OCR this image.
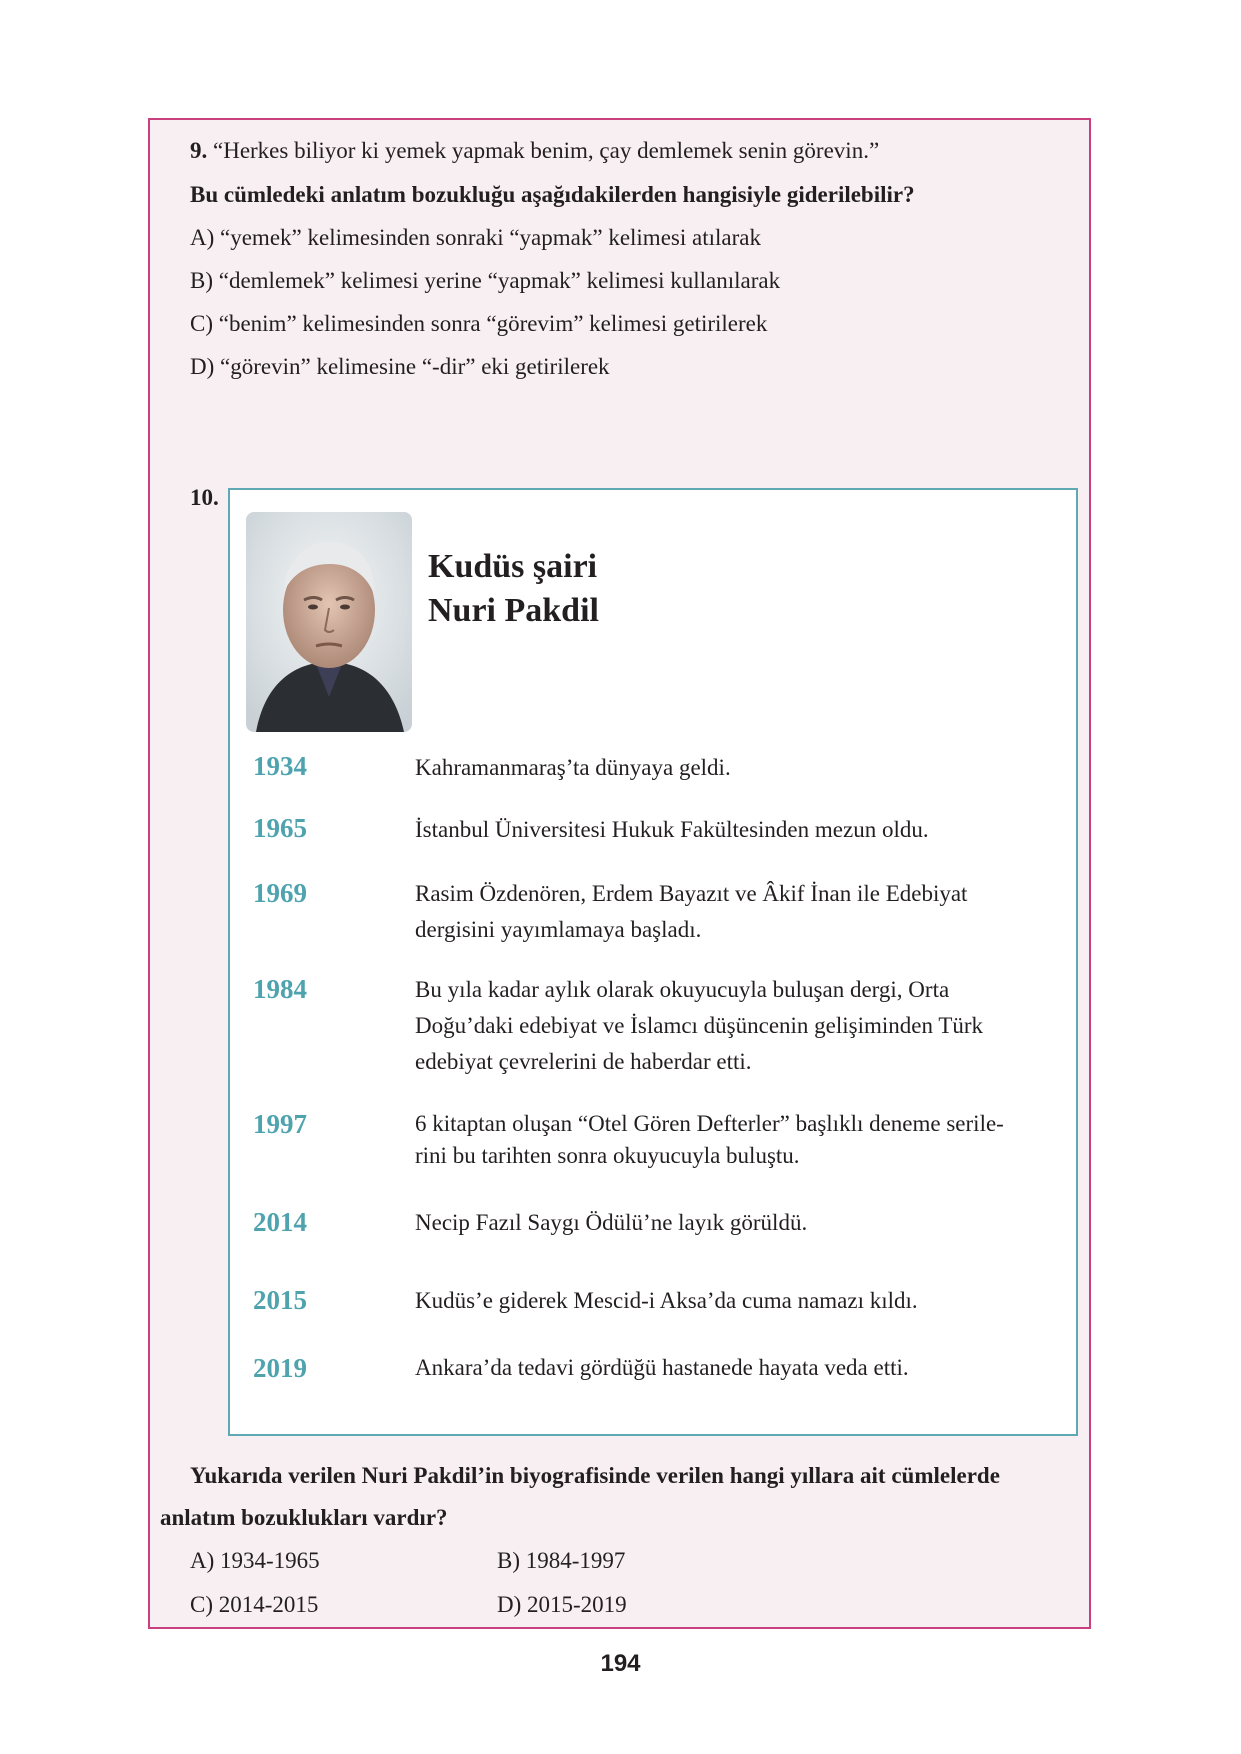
9. “Herkes biliyor ki yemek yapmak benim, çay demlemek senin görevin.”
Bu cümledeki anlatım bozukluğu aşağıdakilerden hangisiyle giderilebilir?
A) “yemek” kelimesinden sonraki “yapmak” kelimesi atılarak
B) “demlemek” kelimesi yerine “yapmak” kelimesi kullanılarak
C) “benim” kelimesinden sonra “görevim” kelimesi getirilerek
D) “görevin” kelimesine “-dir” eki getirilerek
10.
Kudüs şairi
Nuri Pakdil
1934	Kahramanmaraş’ta dünyaya geldi.
1965	İstanbul Üniversitesi Hukuk Fakültesinden mezun oldu.
1969	Rasim Özdenören, Erdem Bayazıt ve Âkif İnan ile Edebiyat
dergisini yayımlamaya başladı.
1984	Bu yıla kadar aylık olarak okuyucuyla buluşan dergi, Orta
Doğu’daki edebiyat ve İslamcı düşüncenin gelişiminden Türk
edebiyat çevrelerini de haberdar etti.
1997	6 kitaptan oluşan “Otel Gören Defterler” başlıklı deneme serile-
rini bu tarihten sonra okuyucuyla buluştu.
2014	Necip Fazıl Saygı Ödülü’ne layık görüldü.
2015	Kudüs’e giderek Mescid-i Aksa’da cuma namazı kıldı.
2019	Ankara’da tedavi gördüğü hastanede hayata veda etti.
Yukarıda verilen Nuri Pakdil’in biyografisinde verilen hangi yıllara ait cümlelerde
anlatım bozuklukları vardır?
A) 1934-1965	B) 1984-1997
C) 2014-2015	D) 2015-2019
194
